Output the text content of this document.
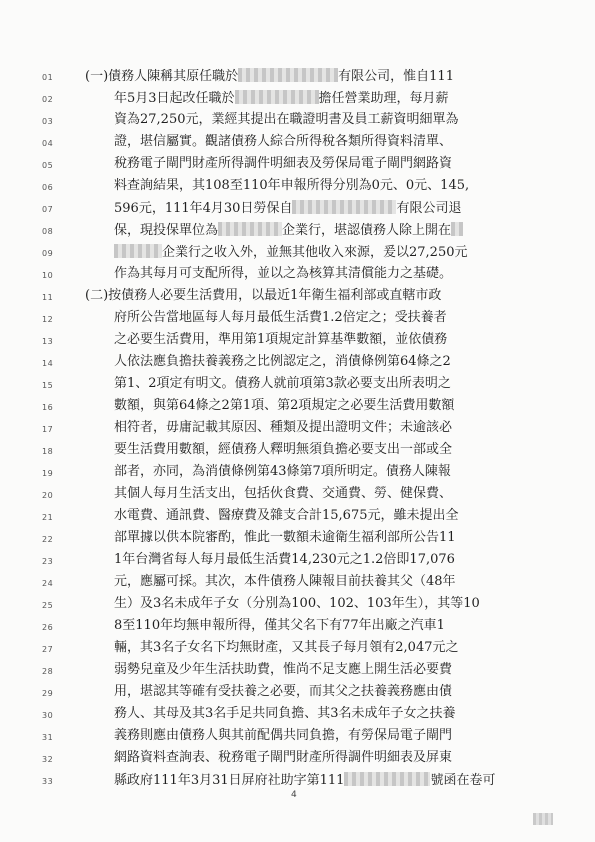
01 (一)債務人陳稱其原任職於	有限公司，惟自111
02	年5月3日起改任職於	擔任營業助理，每月薪
03	資為27,250元，業經其提出在職證明書及員工薪資明細單為
04	證，堪信屬實。觀諸債務人綜合所得稅各類所得資料清單、
05	稅務電子閘門財產所得調件明細表及勞保局電子閘門網路資
06	料查詢結果，其108至110年申報所得分別為0元、0元、145,
07	596元，111年4月30日勞保自	有限公司退
08	保，現投保單位為	企業行，堪認債務人除上開在
09	企業行之收入外，並無其他收入來源，爰以27,250元
10	作為其每月可支配所得，並以之為核算其清償能力之基礎。
11 (二)按債務人必要生活費用，以最近1年衛生福利部或直轄市政
12	府所公告當地區每人每月最低生活費1.2倍定之；受扶養者
13	之必要生活費用，準用第1項規定計算基準數額，並依債務
14	人依法應負擔扶養義務之比例認定之，消債條例第64條之2
15	第1、2項定有明文。債務人就前項第3款必要支出所表明之
16	數額，與第64條之2第1項、第2項規定之必要生活費用數額
17	相符者，毋庸記載其原因、種類及提出證明文件；未逾該必
18	要生活費用數額，經債務人釋明無須負擔必要支出一部或全
19	部者，亦同，為消債條例第43條第7項所明定。債務人陳報
20	其個人每月生活支出，包括伙食費、交通費、勞、健保費、
21	水電費、通訊費、醫療費及雜支合計15,675元，雖未提出全
22	部單據以供本院審酌，惟此一數額未逾衛生福利部所公告11
23	1年台灣省每人每月最低生活費14,230元之1.2倍即17,076
24	元，應屬可採。其次，本件債務人陳報目前扶養其父（48年
25	生）及3名未成年子女（分別為100、102、103年生），其等10
26	8至110年均無申報所得，僅其父名下有77年出廠之汽車1
27	輛，其3名子女名下均無財產，又其長子每月領有2,047元之
28	弱勢兒童及少年生活扶助費，惟尚不足支應上開生活必要費
29	用，堪認其等確有受扶養之必要，而其父之扶養義務應由債
30	務人、其母及其3名手足共同負擔、其3名未成年子女之扶養
31	義務則應由債務人與其前配偶共同負擔，有勞保局電子閘門
32	網路資料查詢表、稅務電子閘門財產所得調件明細表及屏東
33	縣政府111年3月31日屏府社助字第111	號函在卷可
4
